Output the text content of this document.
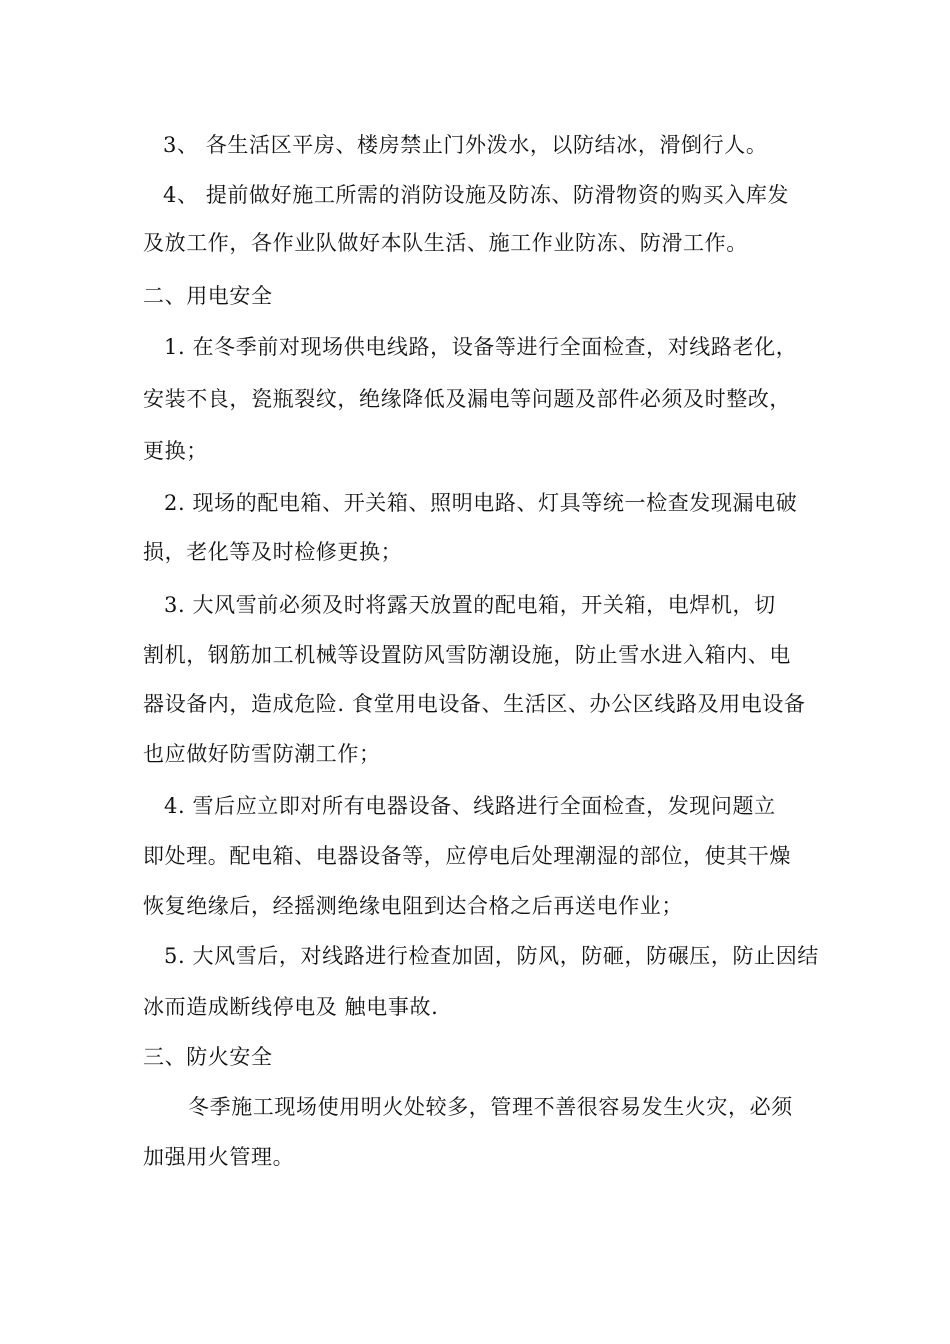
3、 各生活区平房、楼房禁止门外泼水，以防结冰，滑倒行人。
4、 提前做好施工所需的消防设施及防冻、防滑物资的购买入库发
及放工作，各作业队做好本队生活、施工作业防冻、防滑工作。
二、用电安全
1. 在冬季前对现场供电线路，设备等进行全面检查，对线路老化，
安装不良，瓷瓶裂纹，绝缘降低及漏电等问题及部件必须及时整改，
更换；
2. 现场的配电箱、开关箱、照明电路、灯具等统一检查发现漏电破
损，老化等及时检修更换；
3. 大风雪前必须及时将露天放置的配电箱，开关箱，电焊机，切
割机，钢筋加工机械等设置防风雪防潮设施，防止雪水进入箱内、电
器设备内，造成危险. 食堂用电设备、生活区、办公区线路及用电设备
也应做好防雪防潮工作；
4. 雪后应立即对所有电器设备、线路进行全面检查，发现问题立
即处理。配电箱、电器设备等，应停电后处理潮湿的部位，使其干燥
恢复绝缘后，经摇测绝缘电阻到达合格之后再送电作业；
5. 大风雪后，对线路进行检查加固，防风，防砸，防碾压，防止因结
冰而造成断线停电及 触电事故.
三、防火安全
冬季施工现场使用明火处较多，管理不善很容易发生火灾，必须
加强用火管理。
